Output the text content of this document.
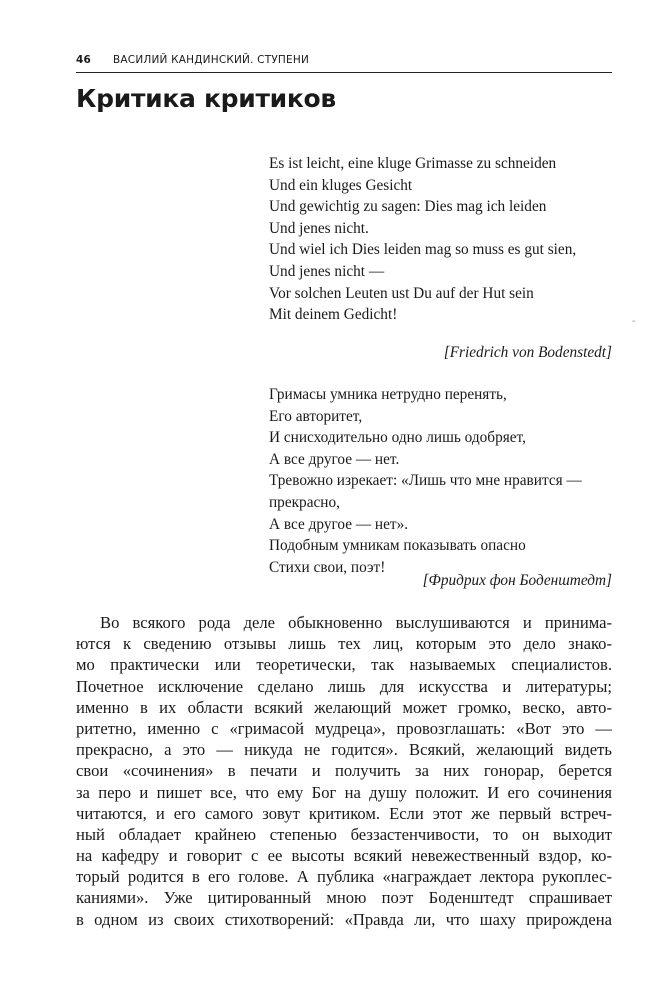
46 ВАСИЛИЙ КАНДИНСКИЙ. СТУПЕНИ
Критика критиков
Es ist leicht, eine kluge Grimasse zu schneiden
Und ein kluges Gesicht
Und gewichtig zu sagen: Dies mag ich leiden
Und jenes nicht.
Und wiel ich Dies leiden mag so muss es gut sien,
Und jenes nicht —
Vor solchen Leuten ust Du auf der Hut sein
Mit deinem Gedicht!
[Friedrich von Bodenstedt]
-
Гримасы умника нетрудно перенять,
Его авторитет,
И снисходительно одно лишь одобряет,
А все другое — нет.
Тревожно изрекает: «Лишь что мне нравится —
прекрасно,
А все другое — нет».
Подобным умникам показывать опасно
Стихи свои, поэт!
[Фридрих фон Боденштедт]
Во всякого рода деле обыкновенно выслушиваются и принима-
ются к сведению отзывы лишь тех лиц, которым это дело знако-
мо практически или теоретически, так называемых специалистов.
Почетное исключение сделано лишь для искусства и литературы;
именно в их области всякий желающий может громко, веско, авто-
ритетно, именно с «гримасой мудреца», провозглашать: «Вот это —
прекрасно, а это — никуда не годится». Всякий, желающий видеть
свои «сочинения» в печати и получить за них гонорар, берется
за перо и пишет все, что ему Бог на душу положит. И его сочинения
читаются, и его самого зовут критиком. Если этот же первый встреч-
ный обладает крайнею степенью беззастенчивости, то он выходит
на кафедру и говорит с ее высоты всякий невежественный вздор, ко-
торый родится в его голове. А публика «награждает лектора рукоплес-
каниями». Уже цитированный мною поэт Боденштедт спрашивает
в одном из своих стихотворений: «Правда ли, что шаху прирождена
